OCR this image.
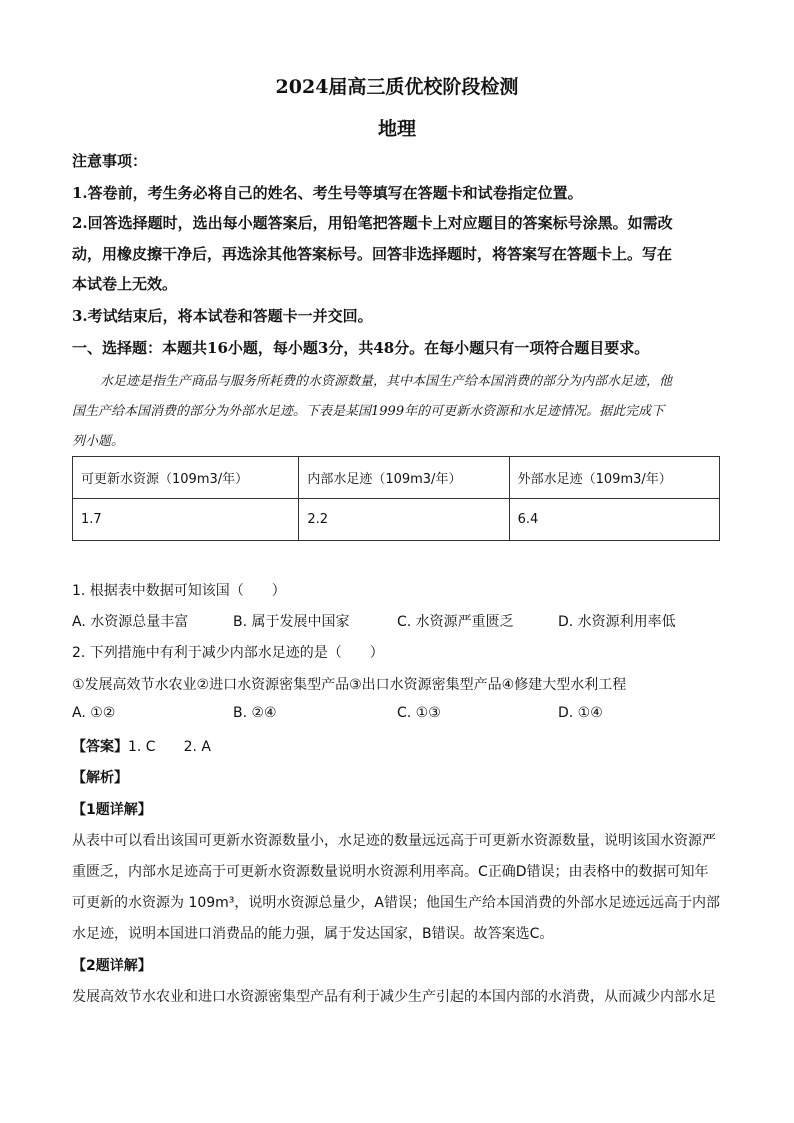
2024届高三质优校阶段检测
地理
注意事项：
1.答卷前，考生务必将自己的姓名、考生号等填写在答题卡和试卷指定位置。
2.回答选择题时，选出每小题答案后，用铅笔把答题卡上对应题目的答案标号涂黑。如需改
动，用橡皮擦干净后，再选涂其他答案标号。回答非选择题时，将答案写在答题卡上。写在
本试卷上无效。
3.考试结束后，将本试卷和答题卡一并交回。
一、选择题：本题共16小题，每小题3分，共48分。在每小题只有一项符合题目要求。
水足迹是指生产商品与服务所耗费的水资源数量，其中本国生产给本国消费的部分为内部水足迹，他
国生产给本国消费的部分为外部水足迹。下表是某国1999年的可更新水资源和水足迹情况。据此完成下
列小题。
可更新水资源（109m3/年）	内部水足迹（109m3/年）	外部水足迹（109m3/年）
1.7	2.2	6.4
1. 根据表中数据可知该国（　　）
A. 水资源总量丰富	B. 属于发展中国家	C. 水资源严重匮乏	D. 水资源利用率低
2. 下列措施中有利于减少内部水足迹的是（　　）
①发展高效节水农业②进口水资源密集型产品③出口水资源密集型产品④修建大型水利工程
A. ①②	B. ②④	C. ①③	D. ①④
【答案】1. C　　2. A
【解析】
【1题详解】
从表中可以看出该国可更新水资源数量小，水足迹的数量远远高于可更新水资源数量，说明该国水资源严
重匮乏，内部水足迹高于可更新水资源数量说明水资源利用率高。C正确D错误；由表格中的数据可知年
可更新的水资源为 109m³，说明水资源总量少，A错误；他国生产给本国消费的外部水足迹远远高于内部
水足迹，说明本国进口消费品的能力强，属于发达国家，B错误。故答案选C。
【2题详解】
发展高效节水农业和进口水资源密集型产品有利于减少生产引起的本国内部的水消费，从而减少内部水足
